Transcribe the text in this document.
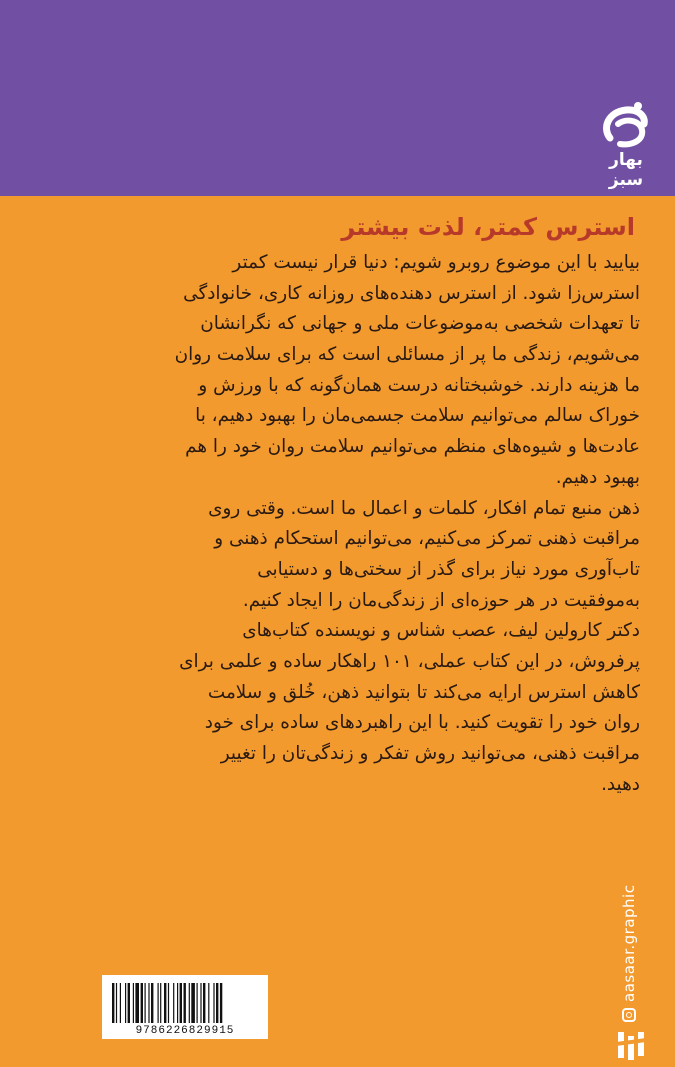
بهار سبز
استرس کمتر، لذت بیشتر
بیایید با این موضوع روبرو شویم: دنیا قرار نیست کمتر
استرس‌زا شود. از استرس دهنده‌های روزانه کاری، خانوادگی
تا تعهدات شخصی به‌موضوعات ملی و جهانی که نگرانشان
می‌شویم، زندگی ما پر از مسائلی است که برای سلامت روان
ما هزینه دارند. خوشبختانه درست همان‌گونه که با ورزش و
خوراک سالم می‌توانیم سلامت جسمی‌مان را بهبود دهیم، با
عادت‌ها و شیوه‌های منظم می‌توانیم سلامت روان خود را هم
بهبود دهیم.
ذهن منبع تمام افکار، کلمات و اعمال ما است. وقتی روی
مراقبت ذهنی تمرکز می‌کنیم، می‌توانیم استحکام ذهنی و
تاب‌آوری مورد نیاز برای گذر از سختی‌ها و دستیابی
به‌موفقیت در هر حوزه‌ای از زندگی‌مان را ایجاد کنیم.
دکتر کارولین لیف، عصب شناس و نویسنده کتاب‌های
پرفروش، در این کتاب عملی، ۱۰۱ راهکار ساده و علمی برای
کاهش استرس ارایه می‌کند تا بتوانید ذهن، خُلق و سلامت
روان خود را تقویت کنید. با این راهبردهای ساده برای خود
مراقبت ذهنی، می‌توانید روش تفکر و زندگی‌تان را تغییر
دهید.
aasaar.graphic
9786226829915
